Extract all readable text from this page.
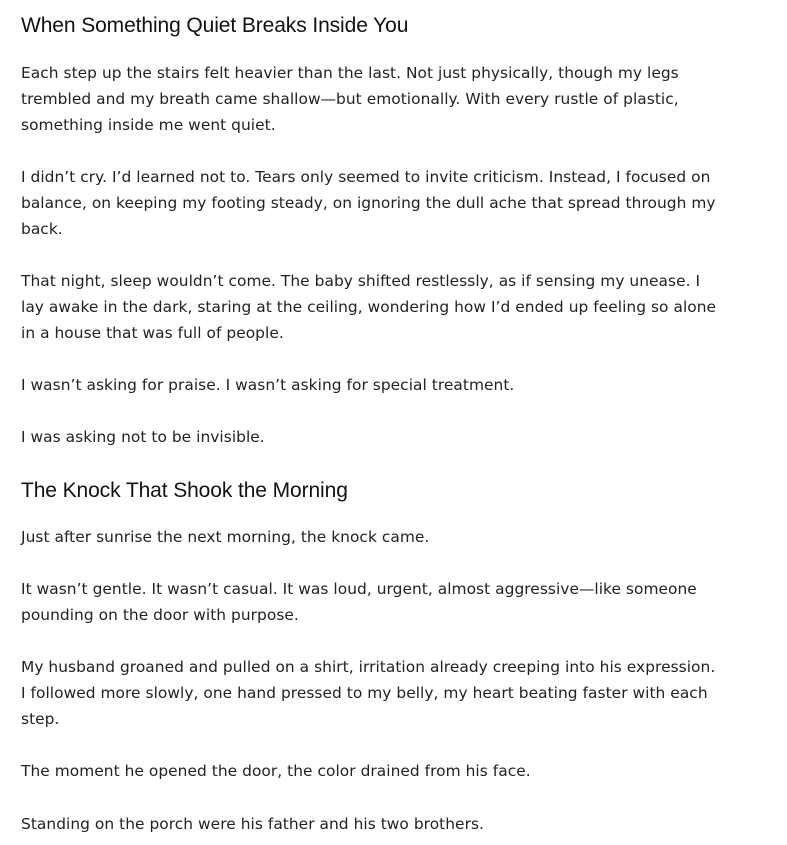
When Something Quiet Breaks Inside You

Each step up the stairs felt heavier than the last. Not just physically, though my legs trembled and my breath came shallow—but emotionally. With every rustle of plastic, something inside me went quiet.

I didn’t cry. I’d learned not to. Tears only seemed to invite criticism. Instead, I focused on balance, on keeping my footing steady, on ignoring the dull ache that spread through my back.

That night, sleep wouldn’t come. The baby shifted restlessly, as if sensing my unease. I lay awake in the dark, staring at the ceiling, wondering how I’d ended up feeling so alone in a house that was full of people.

I wasn’t asking for praise. I wasn’t asking for special treatment.

I was asking not to be invisible.

The Knock That Shook the Morning

Just after sunrise the next morning, the knock came.

It wasn’t gentle. It wasn’t casual. It was loud, urgent, almost aggressive—like someone pounding on the door with purpose.

My husband groaned and pulled on a shirt, irritation already creeping into his expression. I followed more slowly, one hand pressed to my belly, my heart beating faster with each step.

The moment he opened the door, the color drained from his face.

Standing on the porch were his father and his two brothers.
